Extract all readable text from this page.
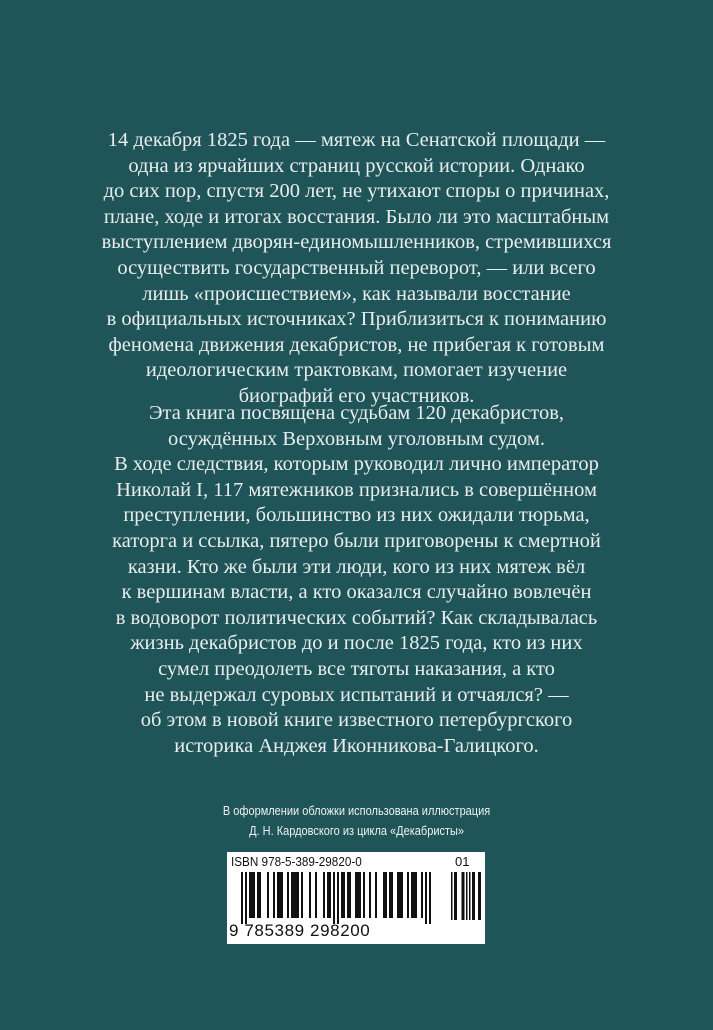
14 декабря 1825 года — мятеж на Сенатской площади —
одна из ярчайших страниц русской истории. Однако
до сих пор, спустя 200 лет, не утихают споры о причинах,
плане, ходе и итогах восстания. Было ли это масштабным
выступлением дворян-единомышленников, стремившихся
осуществить государственный переворот, — или всего
лишь «происшествием», как называли восстание
в официальных источниках? Приблизиться к пониманию
феномена движения декабристов, не прибегая к готовым
идеологическим трактовкам, помогает изучение
биографий его участников.
Эта книга посвящена судьбам 120 декабристов,
осуждённых Верховным уголовным судом.
В ходе следствия, которым руководил лично император
Николай I, 117 мятежников признались в совершённом
преступлении, большинство из них ожидали тюрьма,
каторга и ссылка, пятеро были приговорены к смертной
казни. Кто же были эти люди, кого из них мятеж вёл
к вершинам власти, а кто оказался случайно вовлечён
в водоворот политических событий? Как складывалась
жизнь декабристов до и после 1825 года, кто из них
сумел преодолеть все тяготы наказания, а кто
не выдержал суровых испытаний и отчаялся? —
об этом в новой книге известного петербургского
историка Анджея Иконникова-Галицкого.
В оформлении обложки использована иллюстрация
Д. Н. Кардовского из цикла «Декабристы»
ISBN 978-5-389-29820-0	01
9 785389 298200
